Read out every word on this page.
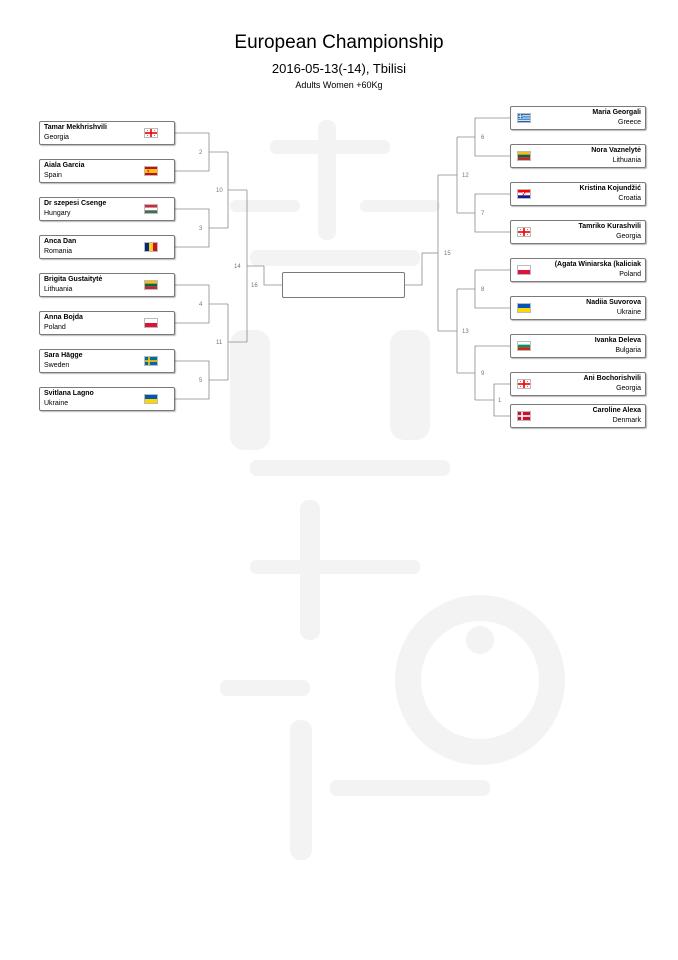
European Championship
2016-05-13(-14), Tbilisi
Adults Women +60Kg
2
3
4
5
10
11
14
16
6
7
8
9
1
12
13
15
Tamar Mekhrishvili
Georgia
Aiala Garcia
Spain
Dr szepesi Csenge
Hungary
Anca Dan
Romania
Brigita Gustaitytė
Lithuania
Anna Bojda
Poland
Sara Hägge
Sweden
Svitlana Lagno
Ukraine
Maria Georgali
Greece
Nora Vaznelytė
Lithuania
Kristina Kojundžić
Croatia
Tamriko Kurashvili
Georgia
(Agata Winiarska (kaliciak
Poland
Nadiia Suvorova
Ukraine
Ivanka Deleva
Bulgaria
Ani Bochorishvili
Georgia
Caroline Alexa
Denmark
